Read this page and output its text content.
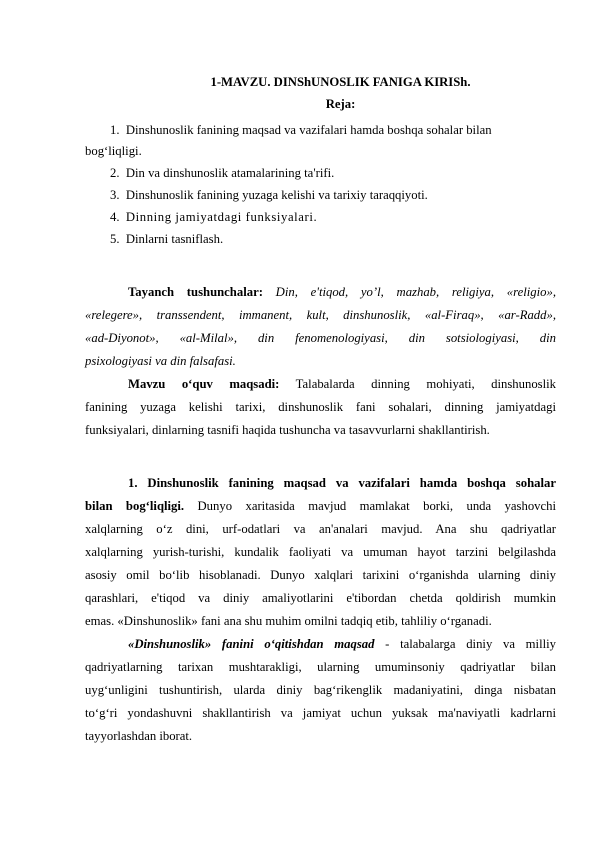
1-MAVZU. DINShUNOSLIK FANIGA KIRISh.
Reja:
1. Dinshunoslik fanining maqsad va vazifalari hamda boshqa sohalar bilan
bog‘liqligi.
2. Din va dinshunoslik atamalarining ta'rifi.
3. Dinshunoslik fanining yuzaga kelishi va tarixiy taraqqiyoti.
4. Dinning jamiyatdagi funksiyalari.
5. Dinlarni tasniflash.
Tayanch tushunchalar: Din, e'tiqod, yo’l, mazhab, religiya, «religio»,
«relegere», transsendent, immanent, kult, dinshunoslik, «al-Firaq», «ar-Radd»,
«ad-Diyonot», «al-Milal», din fenomenologiyasi, din sotsiologiyasi, din
psixologiyasi va din falsafasi.
Mavzu o‘quv maqsadi: Talabalarda dinning mohiyati, dinshunoslik
fanining yuzaga kelishi tarixi, dinshunoslik fani sohalari, dinning jamiyatdagi
funksiyalari, dinlarning tasnifi haqida tushuncha va tasavvurlarni shakllantirish.
1. Dinshunoslik fanining maqsad va vazifalari hamda boshqa sohalar
bilan bog‘liqligi. Dunyo xaritasida mavjud mamlakat borki, unda yashovchi
xalqlarning o‘z dini, urf-odatlari va an'analari mavjud. Ana shu qadriyatlar
xalqlarning yurish-turishi, kundalik faoliyati va umuman hayot tarzini belgilashda
asosiy omil bo‘lib hisoblanadi. Dunyo xalqlari tarixini o‘rganishda ularning diniy
qarashlari, e'tiqod va diniy amaliyotlarini e'tibordan chetda qoldirish mumkin
emas. «Dinshunoslik» fani ana shu muhim omilni tadqiq etib, tahliliy o‘rganadi.
«Dinshunoslik» fanini o‘qitishdan maqsad - talabalarga diniy va milliy
qadriyatlarning tarixan mushtarakligi, ularning umuminsoniy qadriyatlar bilan
uyg‘unligini tushuntirish, ularda diniy bag‘rikenglik madaniyatini, dinga nisbatan
to‘g‘ri yondashuvni shakllantirish va jamiyat uchun yuksak ma'naviyatli kadrlarni
tayyorlashdan iborat.
